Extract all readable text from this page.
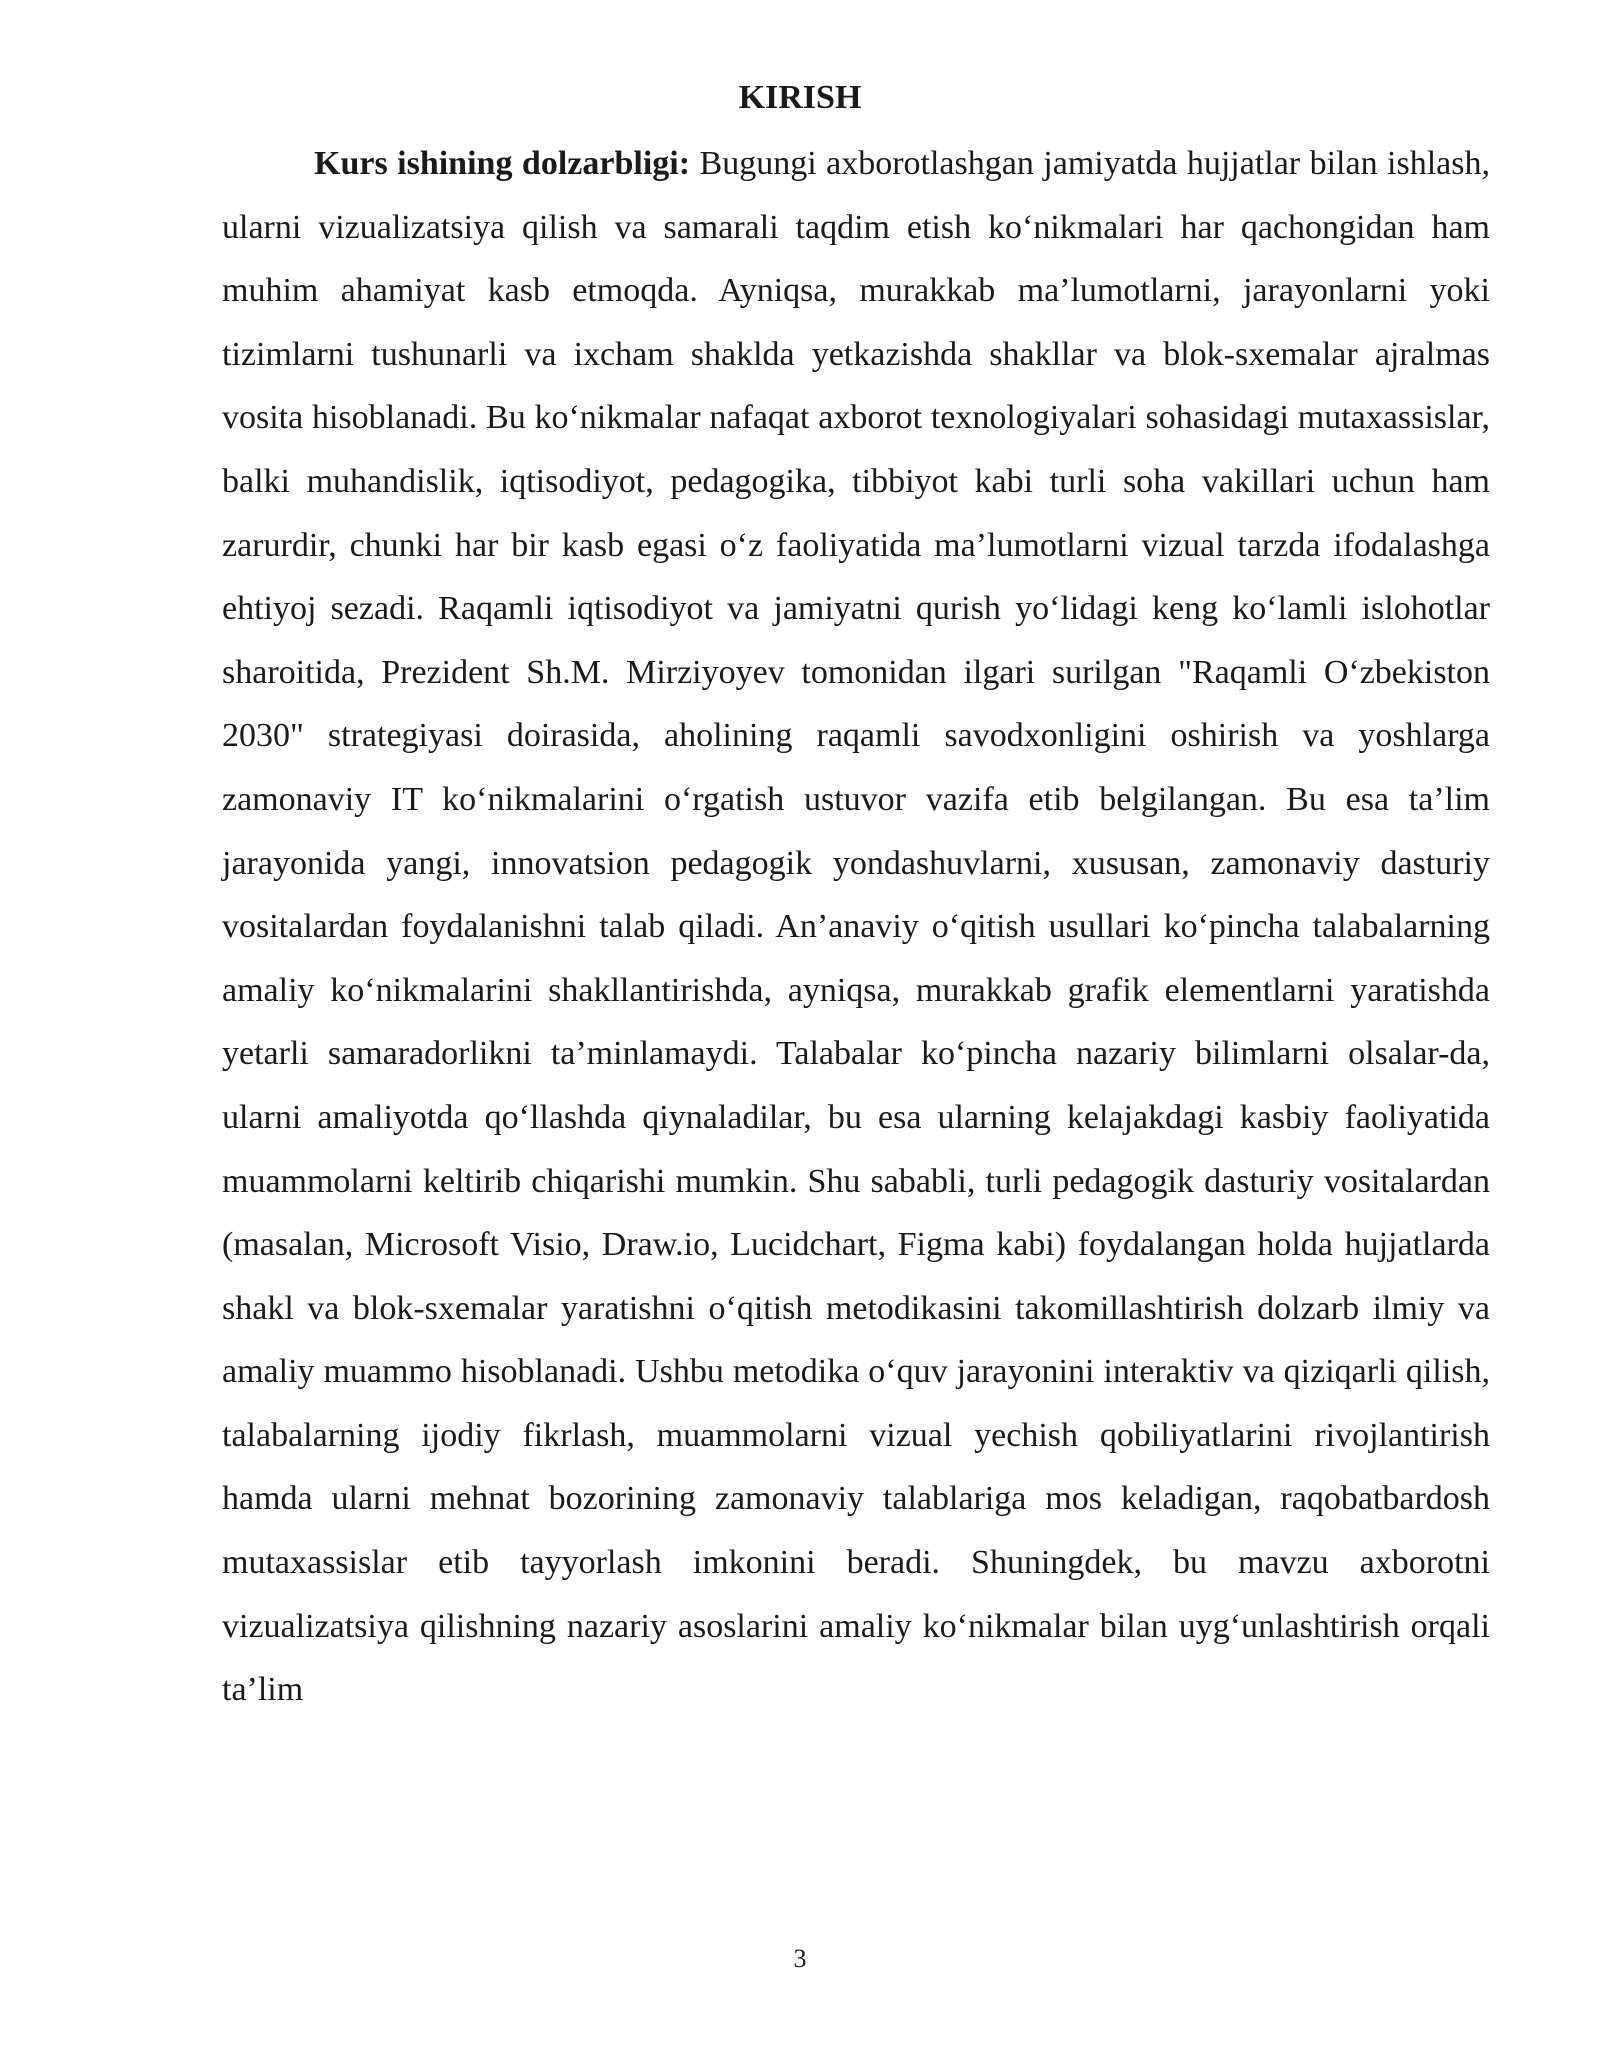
KIRISH

Kurs ishining dolzarbligi: Bugungi axborotlashgan jamiyatda hujjatlar bilan ishlash, ularni vizualizatsiya qilish va samarali taqdim etish ko‘nikmalari har qachongidan ham muhim ahamiyat kasb etmoqda. Ayniqsa, murakkab ma’lumotlarni, jarayonlarni yoki tizimlarni tushunarli va ixcham shaklda yetkazishda shakllar va blok-sxemalar ajralmas vosita hisoblanadi. Bu ko‘nikmalar nafaqat axborot texnologiyalari sohasidagi mutaxassislar, balki muhandislik, iqtisodiyot, pedagogika, tibbiyot kabi turli soha vakillari uchun ham zarurdir, chunki har bir kasb egasi o‘z faoliyatida ma’lumotlarni vizual tarzda ifodalashga ehtiyoj sezadi. Raqamli iqtisodiyot va jamiyatni qurish yo‘lidagi keng ko‘lamli islohotlar sharoitida, Prezident Sh.M. Mirziyoyev tomonidan ilgari surilgan "Raqamli O‘zbekiston 2030" strategiyasi doirasida, aholining raqamli savodxonligini oshirish va yoshlarga zamonaviy IT ko‘nikmalarini o‘rgatish ustuvor vazifa etib belgilangan. Bu esa ta’lim jarayonida yangi, innovatsion pedagogik yondashuvlarni, xususan, zamonaviy dasturiy vositalardan foydalanishni talab qiladi. An’anaviy o‘qitish usullari ko‘pincha talabalarning amaliy ko‘nikmalarini shakllantirishda, ayniqsa, murakkab grafik elementlarni yaratishda yetarli samaradorlikni ta’minlamaydi. Talabalar ko‘pincha nazariy bilimlarni olsalar-da, ularni amaliyotda qo‘llashda qiynaladilar, bu esa ularning kelajakdagi kasbiy faoliyatida muammolarni keltirib chiqarishi mumkin. Shu sababli, turli pedagogik dasturiy vositalardan (masalan, Microsoft Visio, Draw.io, Lucidchart, Figma kabi) foydalangan holda hujjatlarda shakl va blok-sxemalar yaratishni o‘qitish metodikasini takomillashtirish dolzarb ilmiy va amaliy muammo hisoblanadi. Ushbu metodika o‘quv jarayonini interaktiv va qiziqarli qilish, talabalarning ijodiy fikrlash, muammolarni vizual yechish qobiliyatlarini rivojlantirish hamda ularni mehnat bozorining zamonaviy talablariga mos keladigan, raqobatbardosh mutaxassislar etib tayyorlash imkonini beradi. Shuningdek, bu mavzu axborotni vizualizatsiya qilishning nazariy asoslarini amaliy ko‘nikmalar bilan uyg‘unlashtirish orqali ta’lim

3
